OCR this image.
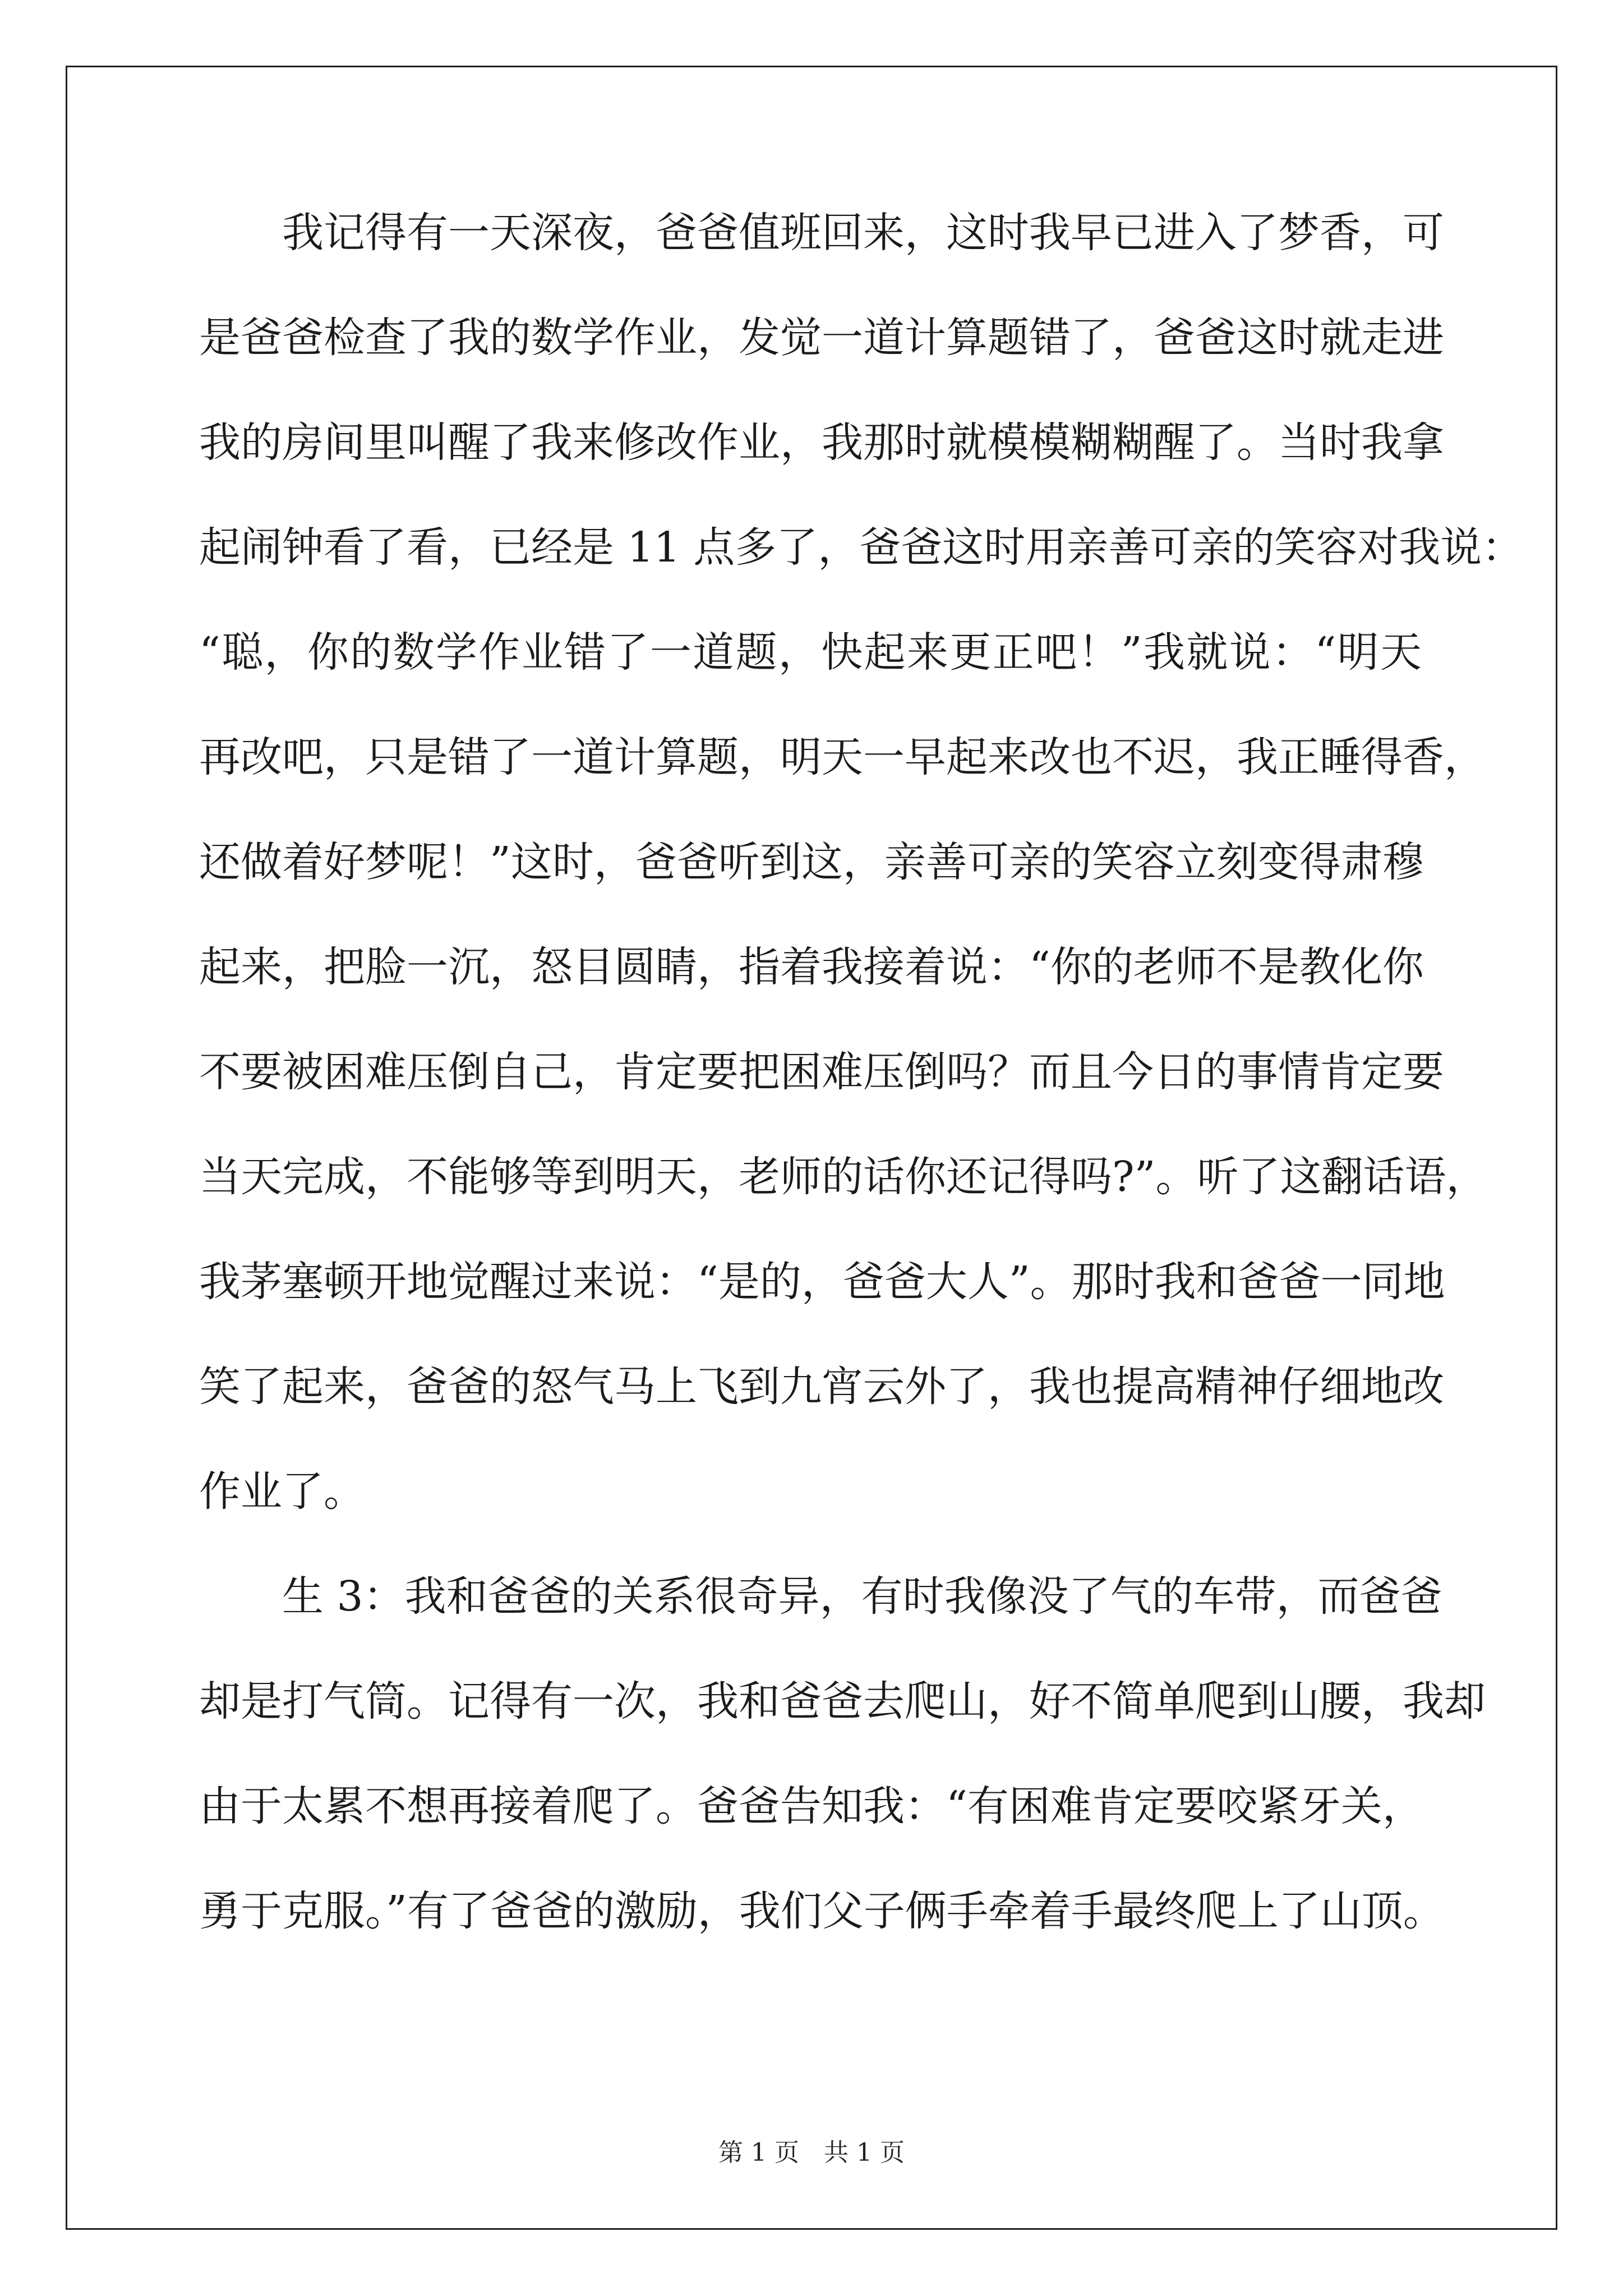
我记得有一天深夜，爸爸值班回来，这时我早已进入了梦香，可
是爸爸检查了我的数学作业，发觉一道计算题错了，爸爸这时就走进
我的房间里叫醒了我来修改作业，我那时就模模糊糊醒了。当时我拿
起闹钟看了看，已经是 11 点多了，爸爸这时用亲善可亲的笑容对我说：
“聪，你的数学作业错了一道题，快起来更正吧！”我就说：“明天
再改吧，只是错了一道计算题，明天一早起来改也不迟，我正睡得香，
还做着好梦呢！”这时，爸爸听到这，亲善可亲的笑容立刻变得肃穆
起来，把脸一沉，怒目圆睛，指着我接着说：“你的老师不是教化你
不要被困难压倒自己，肯定要把困难压倒吗？而且今日的事情肯定要
当天完成，不能够等到明天，老师的话你还记得吗?”。听了这翻话语，
我茅塞顿开地觉醒过来说：“是的，爸爸大人”。那时我和爸爸一同地
笑了起来，爸爸的怒气马上飞到九宵云外了，我也提高精神仔细地改
作业了。
生 3：我和爸爸的关系很奇异，有时我像没了气的车带，而爸爸
却是打气筒。记得有一次，我和爸爸去爬山，好不简单爬到山腰，我却
由于太累不想再接着爬了。爸爸告知我：“有困难肯定要咬紧牙关，
勇于克服。”有了爸爸的激励，我们父子俩手牵着手最终爬上了山顶。
第 1 页　共 1 页
